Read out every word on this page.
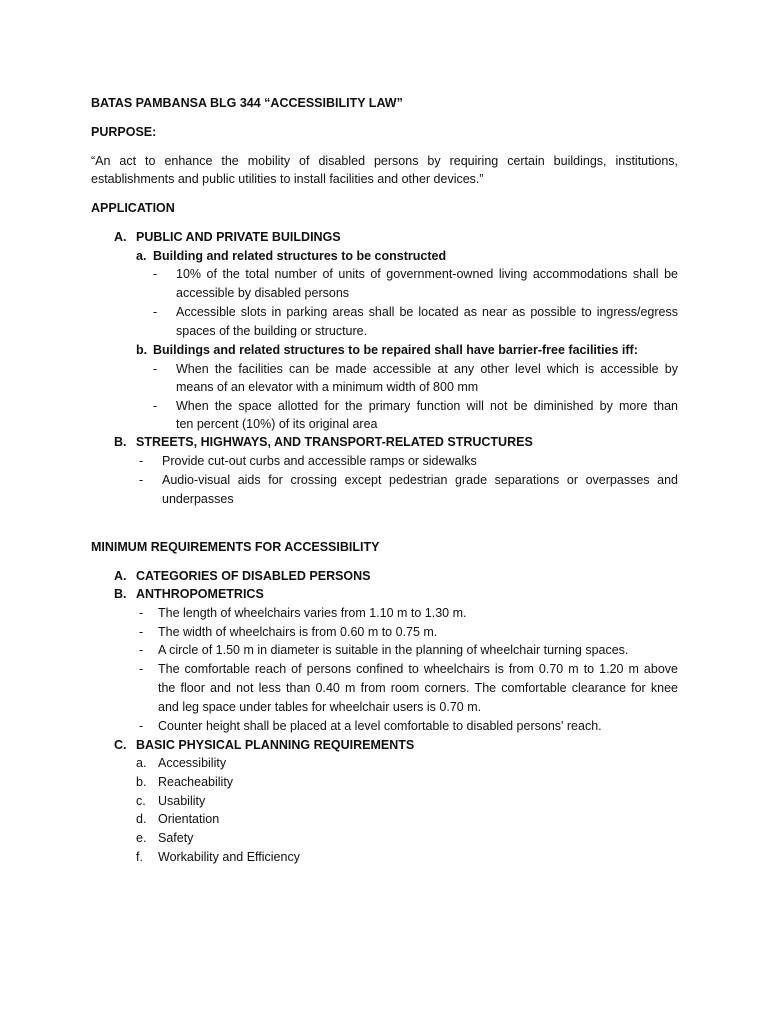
BATAS PAMBANSA BLG 344 “ACCESSIBILITY LAW”
PURPOSE:
“An act to enhance the mobility of disabled persons by requiring certain buildings, institutions,
establishments and public utilities to install facilities and other devices.”
APPLICATION
A. PUBLIC AND PRIVATE BUILDINGS
a. Building and related structures to be constructed
- 10% of the total number of units of government-owned living accommodations shall be
accessible by disabled persons
- Accessible slots in parking areas shall be located as near as possible to ingress/egress
spaces of the building or structure.
b. Buildings and related structures to be repaired shall have barrier-free facilities iff:
- When the facilities can be made accessible at any other level which is accessible by
means of an elevator with a minimum width of 800 mm
- When the space allotted for the primary function will not be diminished by more than
ten percent (10%) of its original area
B. STREETS, HIGHWAYS, AND TRANSPORT-RELATED STRUCTURES
- Provide cut-out curbs and accessible ramps or sidewalks
- Audio-visual aids for crossing except pedestrian grade separations or overpasses and
underpasses
MINIMUM REQUIREMENTS FOR ACCESSIBILITY
A. CATEGORIES OF DISABLED PERSONS
B. ANTHROPOMETRICS
- The length of wheelchairs varies from 1.10 m to 1.30 m.
- The width of wheelchairs is from 0.60 m to 0.75 m.
- A circle of 1.50 m in diameter is suitable in the planning of wheelchair turning spaces.
- The comfortable reach of persons confined to wheelchairs is from 0.70 m to 1.20 m above
the floor and not less than 0.40 m from room corners. The comfortable clearance for knee
and leg space under tables for wheelchair users is 0.70 m.
- Counter height shall be placed at a level comfortable to disabled persons' reach.
C. BASIC PHYSICAL PLANNING REQUIREMENTS
a. Accessibility
b. Reacheability
c. Usability
d. Orientation
e. Safety
f. Workability and Efficiency
